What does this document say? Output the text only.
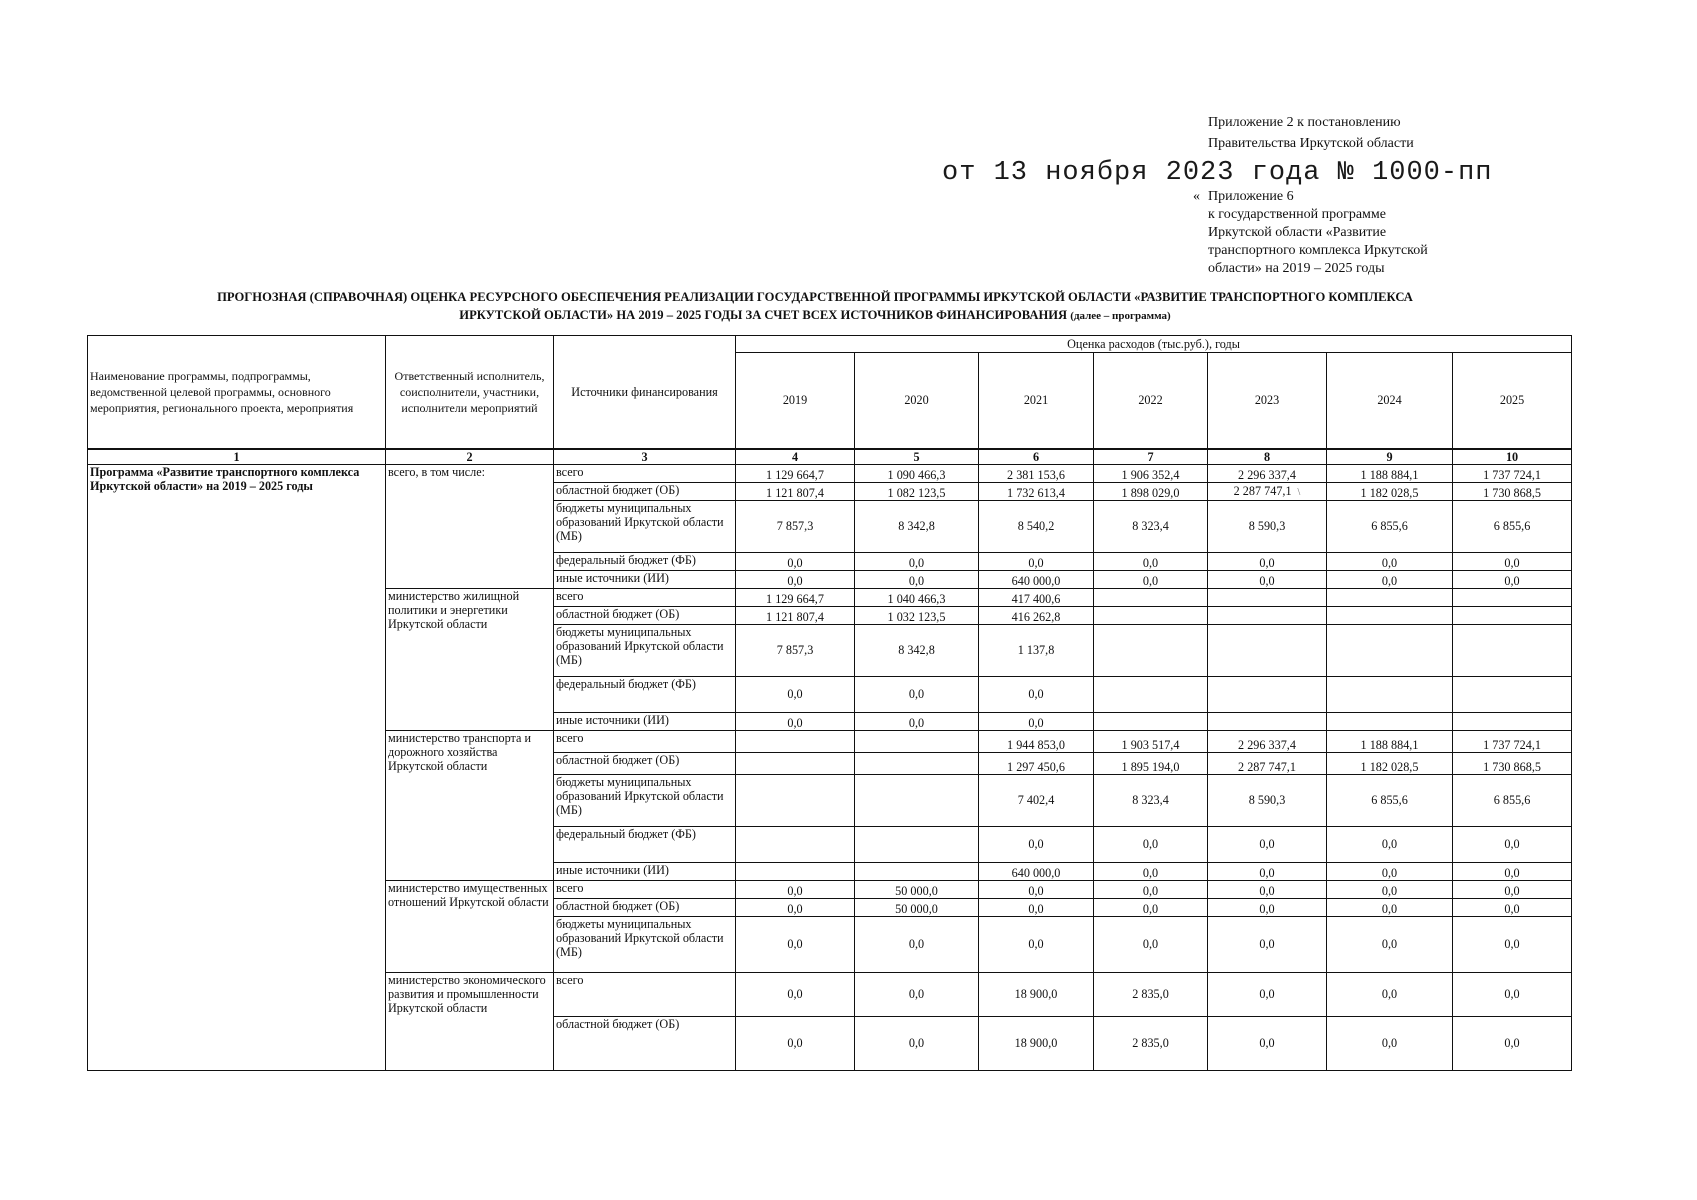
Приложение 2 к постановлению
Правительства Иркутской области
от 13 ноября 2023 года № 1000-пп
« Приложение 6
к государственной программе
Иркутской области «Развитие
транспортного комплекса Иркутской
области» на 2019 – 2025 годы
ПРОГНОЗНАЯ (СПРАВОЧНАЯ) ОЦЕНКА РЕСУРСНОГО ОБЕСПЕЧЕНИЯ РЕАЛИЗАЦИИ ГОСУДАРСТВЕННОЙ ПРОГРАММЫ ИРКУТСКОЙ ОБЛАСТИ «РАЗВИТИЕ ТРАНСПОРТНОГО КОМПЛЕКСА
ИРКУТСКОЙ ОБЛАСТИ» НА 2019 – 2025 ГОДЫ ЗА СЧЕТ ВСЕХ ИСТОЧНИКОВ ФИНАНСИРОВАНИЯ (далее – программа)
Наименование программы, подпрограммы, ведомственной целевой программы, основного мероприятия, регионального проекта, мероприятия	Ответственный исполнитель, соисполнители, участники, исполнители мероприятий	Источники финансирования	Оценка расходов (тыс.руб.), годы						
			2019	2020	2021	2022	2023	2024	2025
1	2	3	4	5	6	7	8	9	10
Программа «Развитие транспортного комплекса Иркутской области» на 2019 – 2025 годы	всего, в том числе:	всего	1 129 664,7	1 090 466,3	2 381 153,6	1 906 352,4	2 296 337,4	1 188 884,1	1 737 724,1
		областной бюджет (ОБ)	1 121 807,4	1 082 123,5	1 732 613,4	1 898 029,0	2 287 747,1 \	1 182 028,5	1 730 868,5
		бюджеты муниципальных образований Иркутской области (МБ)	7 857,3	8 342,8	8 540,2	8 323,4	8 590,3	6 855,6	6 855,6
		федеральный бюджет (ФБ)	0,0	0,0	0,0	0,0	0,0	0,0	0,0
		иные источники (ИИ)	0,0	0,0	640 000,0	0,0	0,0	0,0	0,0
	министерство жилищной политики и энергетики Иркутской области	всего	1 129 664,7	1 040 466,3	417 400,6				
		областной бюджет (ОБ)	1 121 807,4	1 032 123,5	416 262,8				
		бюджеты муниципальных образований Иркутской области (МБ)	7 857,3	8 342,8	1 137,8				
		федеральный бюджет (ФБ)	0,0	0,0	0,0				
		иные источники (ИИ)	0,0	0,0	0,0				
	министерство транспорта и дорожного хозяйства Иркутской области	всего			1 944 853,0	1 903 517,4	2 296 337,4	1 188 884,1	1 737 724,1
		областной бюджет (ОБ)			1 297 450,6	1 895 194,0	2 287 747,1	1 182 028,5	1 730 868,5
		бюджеты муниципальных образований Иркутской области (МБ)			7 402,4	8 323,4	8 590,3	6 855,6	6 855,6
		федеральный бюджет (ФБ)			0,0	0,0	0,0	0,0	0,0
		иные источники (ИИ)			640 000,0	0,0	0,0	0,0	0,0
	министерство имущественных отношений Иркутской области	всего	0,0	50 000,0	0,0	0,0	0,0	0,0	0,0
		областной бюджет (ОБ)	0,0	50 000,0	0,0	0,0	0,0	0,0	0,0
		бюджеты муниципальных образований Иркутской области (МБ)	0,0	0,0	0,0	0,0	0,0	0,0	0,0
	министерство экономического развития и промышленности Иркутской области	всего	0,0	0,0	18 900,0	2 835,0	0,0	0,0	0,0
		областной бюджет (ОБ)	0,0	0,0	18 900,0	2 835,0	0,0	0,0	0,0
